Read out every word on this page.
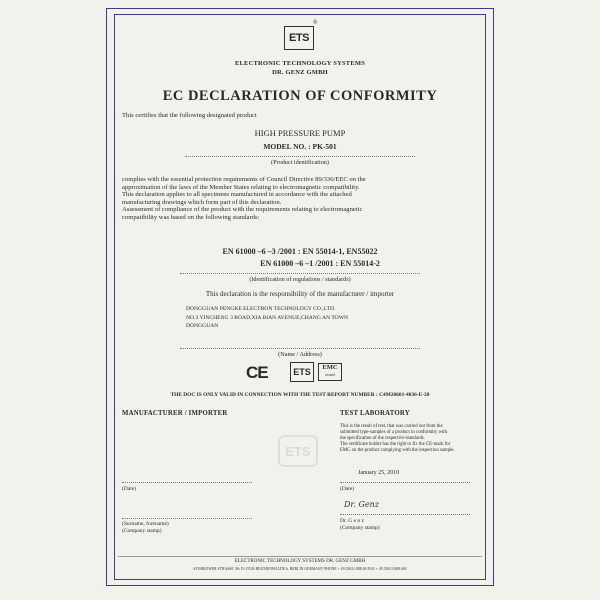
ETS
®
ELECTRONIC TECHNOLOGY SYSTEMS
DR. GENZ GMBH
EC DECLARATION OF CONFORMITY
This certifies that the following designated product
HIGH PRESSURE PUMP
MODEL NO. : PK-501
(Product identification)
complies with the essential protection requirements of Council Directive 89/336/EEC on the
approximation of the laws of the Member States relating to electromagnetic compatibility.
This declaration applies to all specimens manufactured in accordance with the attached
manufacturing drawings which form part of this declaration.
Assessment of compliance of the product with the requirements relating to electromagnetic
compatibility was based on the following standards:
EN 61000 –6 –3 /2001 : EN 55014-1, EN55022
EN 61000 –6 –1 /2001 : EN 55014-2
(Identification of regulations / standards)
This declaration is the responsibility of the manufacturer / importer
DONGGUAN PENGKE ELECTRON TECHNOLOGY CO.,LTD.
NO.3 YINCHENG 3 ROAD,XIA BIAN AVENUE,CHANG AN TOWN
DONGGUAN
(Name / Address)
CE	ETS	EMC
tested
THE DOC IS ONLY VALID IN CONNECTION WITH THE TEST REPORT NUMBER : C4M20601-4036-E-20
MANUFACTURER / IMPORTER
(Date)
(Surname, forename)
(Company stamp)
ETS
TEST LABORATORY
This is the result of test, that was carried out from the
submitted type-samples of a product in conformity with
the specification of the respective standards.
The certificate holder has the right to fix the CE-mark for
EMC on the product complying with the inspection sample.
January 25, 2010
(Date)
Dr. Genz
Dr. G e n z
(Company stamp)
ELECTRONIC TECHNOLOGY SYSTEMS DR. GENZ GMBH
STORKOWER STRASSE 38c D-15526 REICHENWALDE b. BERLIN GERMANY PHONE + 49.33631.888.00 FAX + 49.33631.888.660
